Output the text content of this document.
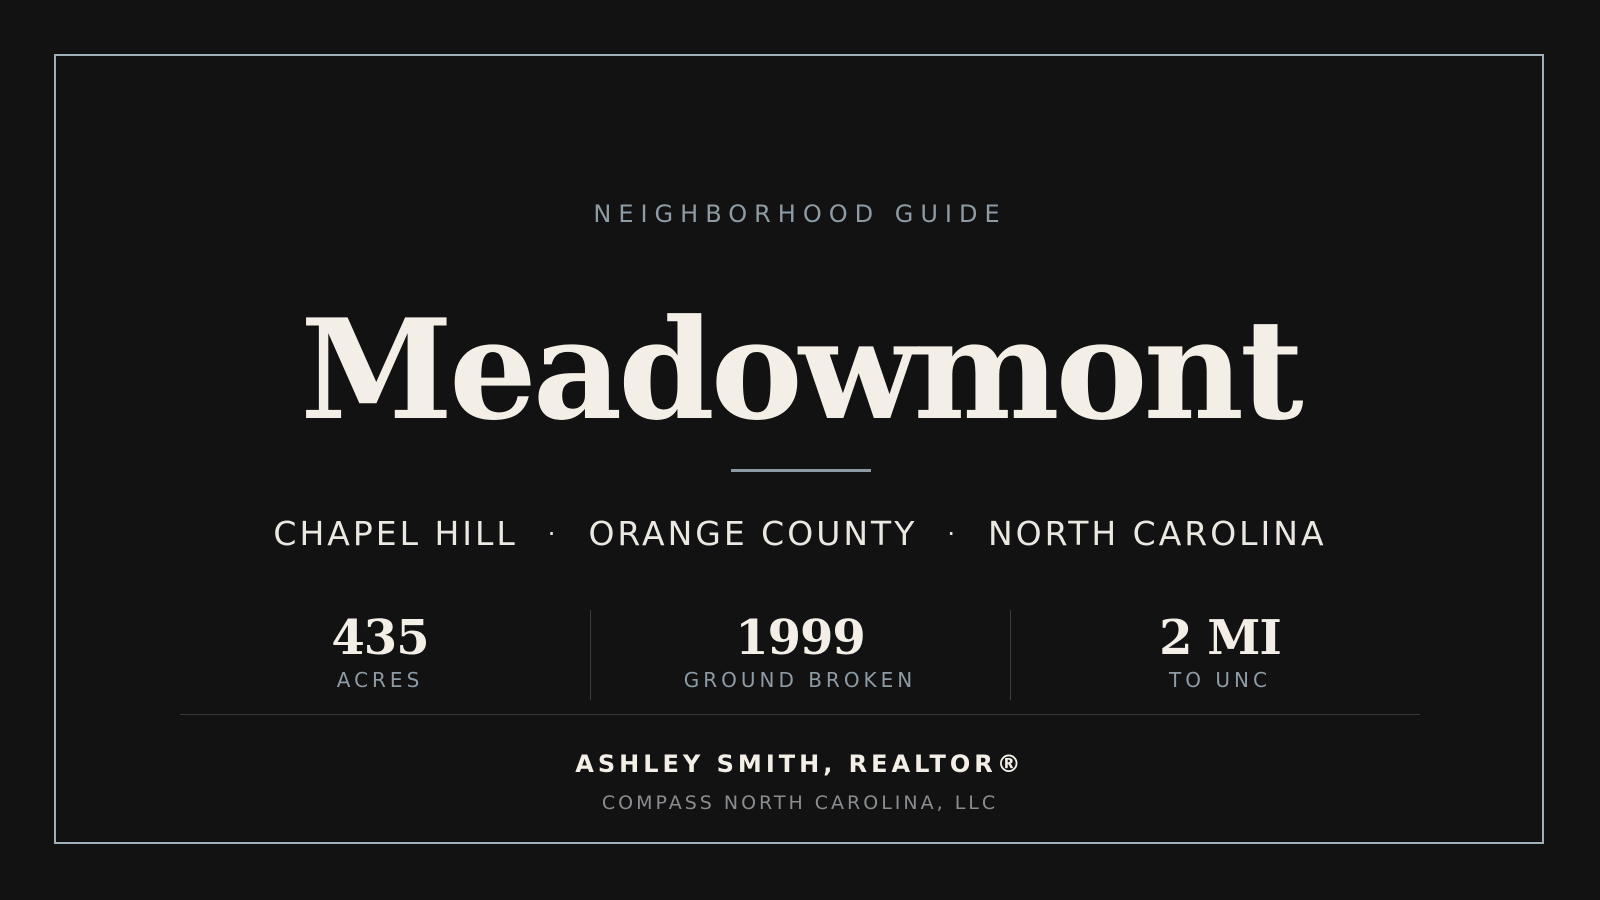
NEIGHBORHOOD GUIDE
Meadowmont
CHAPEL HILL · ORANGE COUNTY · NORTH CAROLINA
435
ACRES
1999
GROUND BROKEN
2 MI
TO UNC
ASHLEY SMITH, REALTOR®
COMPASS NORTH CAROLINA, LLC
